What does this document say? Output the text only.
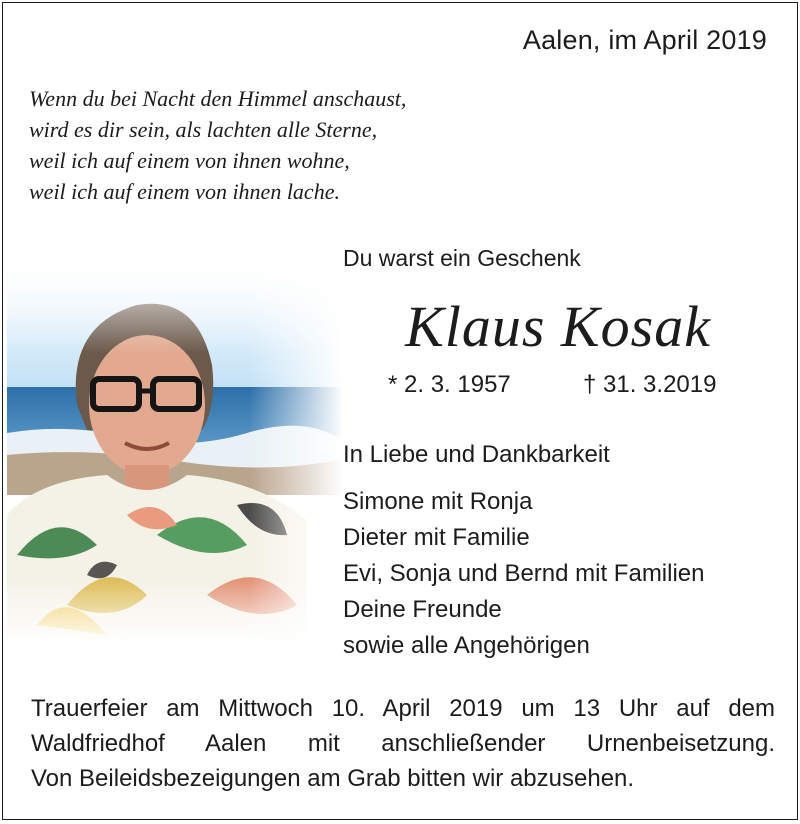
Aalen, im April 2019
Wenn du bei Nacht den Himmel anschaust,
wird es dir sein, als lachten alle Sterne,
weil ich auf einem von ihnen wohne,
weil ich auf einem von ihnen lache.
Du warst ein Geschenk
Klaus Kosak
* 2. 3. 1957	† 31. 3.2019
In Liebe und Dankbarkeit
Simone mit Ronja
Dieter mit Familie
Evi, Sonja und Bernd mit Familien
Deine Freunde
sowie alle Angehörigen
Trauerfeier am Mittwoch 10. April 2019 um 13 Uhr auf dem
Waldfriedhof Aalen mit anschließender Urnenbeisetzung.
Von Beileidsbezeigungen am Grab bitten wir abzusehen.
